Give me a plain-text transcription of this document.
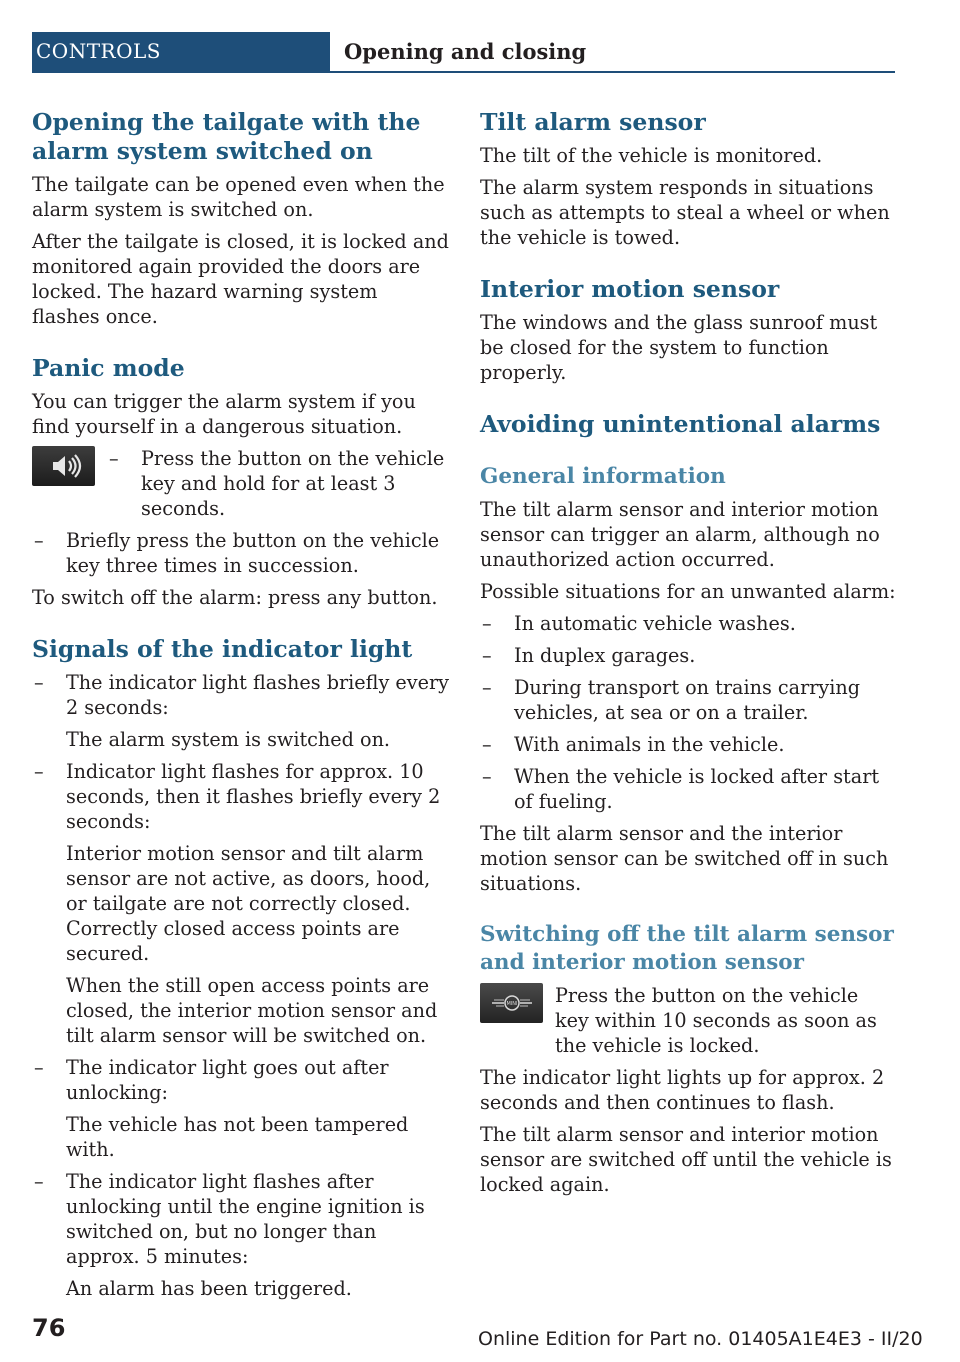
CONTROLS	Opening and closing
Opening the tailgate with the alarm system switched on

The tailgate can be opened even when the alarm system is switched on.

After the tailgate is closed, it is locked and monitored again provided the doors are locked. The hazard warning system flashes once.

Panic mode

You can trigger the alarm system if you find yourself in a dangerous situation.

– Press the button on the vehicle key and hold for at least 3 seconds.
– Briefly press the button on the vehicle key three times in succession.

To switch off the alarm: press any button.

Signals of the indicator light
– The indicator light flashes briefly every 2 seconds:
The alarm system is switched on.
– Indicator light flashes for approx. 10 seconds, then it flashes briefly every 2 seconds:
Interior motion sensor and tilt alarm sensor are not active, as doors, hood, or tailgate are not correctly closed. Correctly closed access points are secured.
When the still open access points are closed, the interior motion sensor and tilt alarm sensor will be switched on.
– The indicator light goes out after unlocking:
The vehicle has not been tampered with.
– The indicator light flashes after unlocking until the engine ignition is switched on, but no longer than approx. 5 minutes:
An alarm has been triggered.
Tilt alarm sensor

The tilt of the vehicle is monitored.

The alarm system responds in situations such as attempts to steal a wheel or when the vehicle is towed.

Interior motion sensor

The windows and the glass sunroof must be closed for the system to function properly.

Avoiding unintentional alarms
General information

The tilt alarm sensor and interior motion sensor can trigger an alarm, although no unauthorized action occurred.

Possible situations for an unwanted alarm:

– In automatic vehicle washes.
– In duplex garages.
– During transport on trains carrying vehicles, at sea or on a trailer.
– With animals in the vehicle.
– When the vehicle is locked after start of fueling.

The tilt alarm sensor and the interior motion sensor can be switched off in such situations.

Switching off the tilt alarm sensor and interior motion sensor
MINI Press the button on the vehicle key within 10 seconds as soon as the vehicle is locked.

The indicator light lights up for approx. 2 seconds and then continues to flash.

The tilt alarm sensor and interior motion sensor are switched off until the vehicle is locked again.

76	Online Edition for Part no. 01405A1E4E3 - II/20
